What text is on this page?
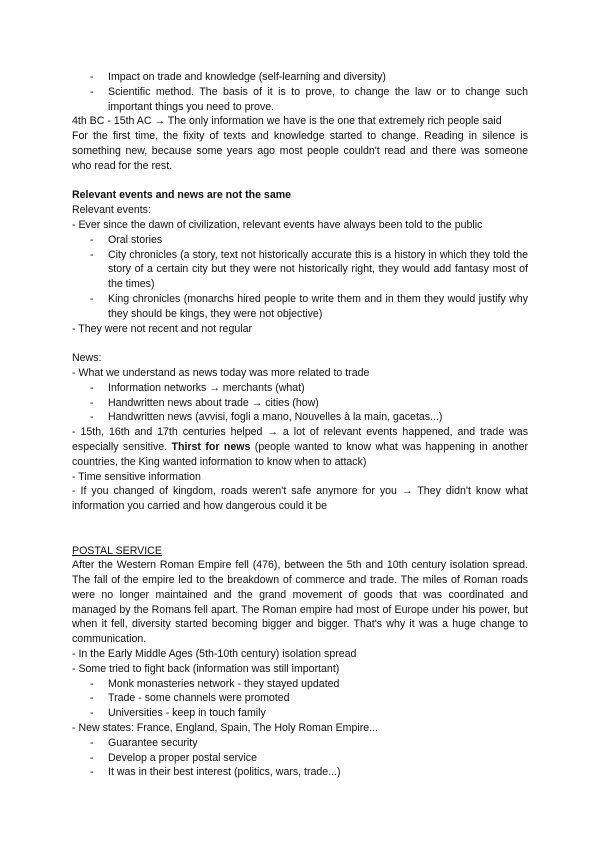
- Impact on trade and knowledge (self-learning and diversity)
- Scientific method. The basis of it is to prove, to change the law or to change such important things you need to prove.
4th BC - 15th AC → The only information we have is the one that extremely rich people said
For the first time, the fixity of texts and knowledge started to change. Reading in silence is something new, because some years ago most people couldn't read and there was someone who read for the rest.
Relevant events and news are not the same
Relevant events:
- Ever since the dawn of civilization, relevant events have always been told to the public
- Oral stories
- City chronicles (a story, text not historically accurate this is a history in which they told the story of a certain city but they were not historically right, they would add fantasy most of the times)
- King chronicles (monarchs hired people to write them and in them they would justify why they should be kings, they were not objective)
- They were not recent and not regular
News:
- What we understand as news today was more related to trade
- Information networks → merchants (what)
- Handwritten news about trade → cities (how)
- Handwritten news (avvisi, fogli a mano, Nouvelles à la main, gacetas...)
- 15th, 16th and 17th centuries helped → a lot of relevant events happened, and trade was especially sensitive. Thirst for news (people wanted to know what was happening in another countries, the King wanted information to know when to attack)
- Time sensitive information
- If you changed of kingdom, roads weren't safe anymore for you → They didn't know what information you carried and how dangerous could it be
POSTAL SERVICE
After the Western Roman Empire fell (476), between the 5th and 10th century isolation spread. The fall of the empire led to the breakdown of commerce and trade. The miles of Roman roads were no longer maintained and the grand movement of goods that was coordinated and managed by the Romans fell apart. The Roman empire had most of Europe under his power, but when it fell, diversity started becoming bigger and bigger. That's why it was a huge change to communication.
- In the Early Middle Ages (5th-10th century) isolation spread
- Some tried to fight back (information was still important)
- Monk monasteries network - they stayed updated
- Trade - some channels were promoted
- Universities - keep in touch family
- New states: France, England, Spain, The Holy Roman Empire...
- Guarantee security
- Develop a proper postal service
- It was in their best interest (politics, wars, trade...)
